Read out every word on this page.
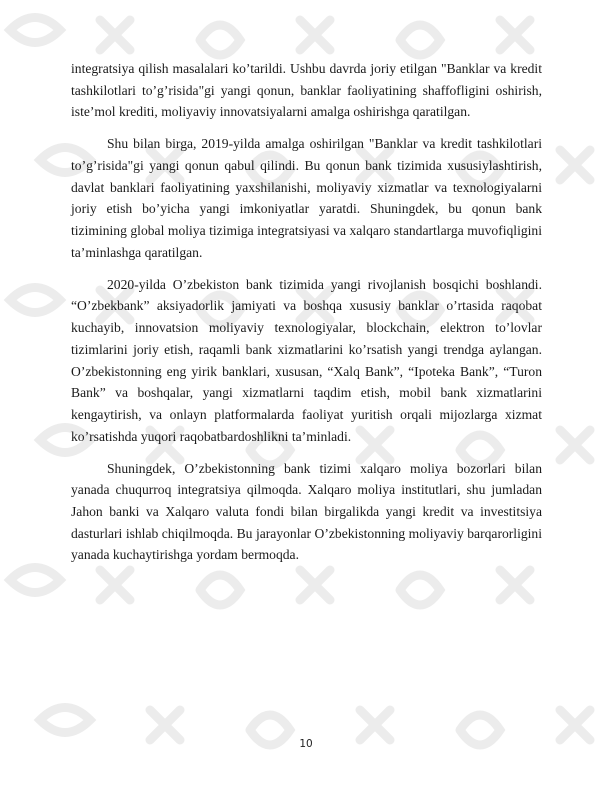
integratsiya qilish masalalari ko’tarildi. Ushbu davrda joriy etilgan "Banklar va kredit tashkilotlari to’g’risida"gi yangi qonun, banklar faoliyatining shaffofligini oshirish, iste’mol krediti, moliyaviy innovatsiyalarni amalga oshirishga qaratilgan.

Shu bilan birga, 2019-yilda amalga oshirilgan "Banklar va kredit tashkilotlari to’g’risida"gi yangi qonun qabul qilindi. Bu qonun bank tizimida xususiylashtirish, davlat banklari faoliyatining yaxshilanishi, moliyaviy xizmatlar va texnologiyalarni joriy etish bo’yicha yangi imkoniyatlar yaratdi. Shuningdek, bu qonun bank tizimining global moliya tizimiga integratsiyasi va xalqaro standartlarga muvofiqligini ta’minlashga qaratilgan.

2020-yilda O’zbekiston bank tizimida yangi rivojlanish bosqichi boshlandi. “O’zbekbank” aksiyadorlik jamiyati va boshqa xususiy banklar o’rtasida raqobat kuchayib, innovatsion moliyaviy texnologiyalar, blockchain, elektron to’lovlar tizimlarini joriy etish, raqamli bank xizmatlarini ko’rsatish yangi trendga aylangan. O’zbekistonning eng yirik banklari, xususan, “Xalq Bank”, “Ipoteka Bank”, “Turon Bank” va boshqalar, yangi xizmatlarni taqdim etish, mobil bank xizmatlarini kengaytirish, va onlayn platformalarda faoliyat yuritish orqali mijozlarga xizmat ko’rsatishda yuqori raqobatbardoshlikni ta’minladi.

Shuningdek, O’zbekistonning bank tizimi xalqaro moliya bozorlari bilan yanada chuqurroq integratsiya qilmoqda. Xalqaro moliya institutlari, shu jumladan Jahon banki va Xalqaro valuta fondi bilan birgalikda yangi kredit va investitsiya dasturlari ishlab chiqilmoqda. Bu jarayonlar O’zbekistonning moliyaviy barqarorligini yanada kuchaytirishga yordam bermoqda.

10
